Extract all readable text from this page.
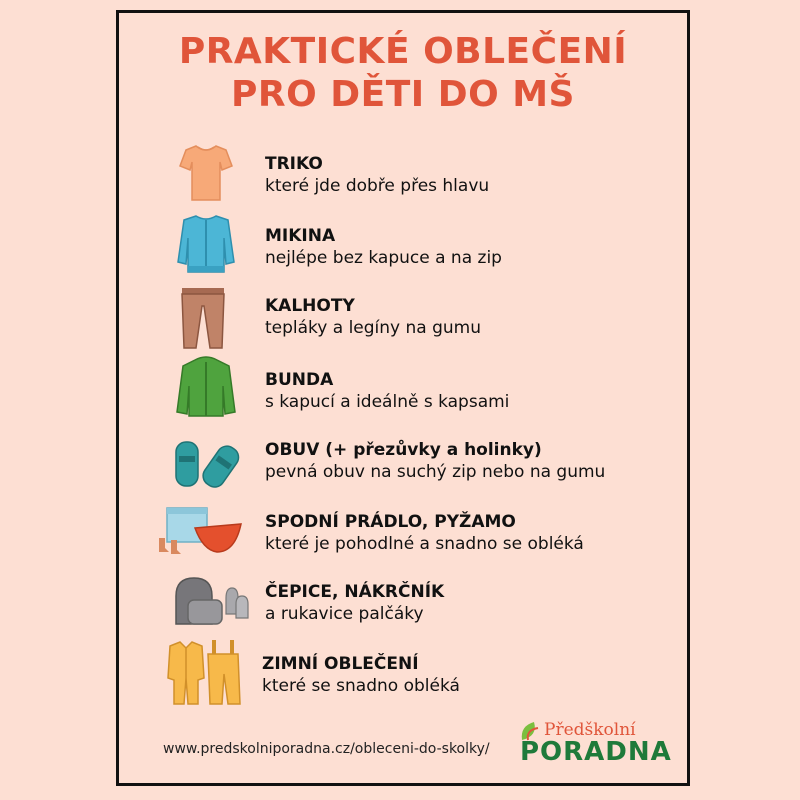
PRAKTICKÉ OBLEČENÍ
PRO DĚTI DO MŠ
TRIKO
které jde dobře přes hlavu
MIKINA
nejlépe bez kapuce a na zip
KALHOTY
tepláky a legíny na gumu
BUNDA
s kapucí a ideálně s kapsami
OBUV (+ přezůvky a holinky)
pevná obuv na suchý zip nebo na gumu
SPODNÍ PRÁDLO, PYŽAMO
které je pohodlné a snadno se obléká
ČEPICE, NÁKRČNÍK
a rukavice palčáky
ZIMNÍ OBLEČENÍ
které se snadno obléká
www.predskolniporadna.cz/obleceni-do-skolky/
Předškolní
PORADNA
